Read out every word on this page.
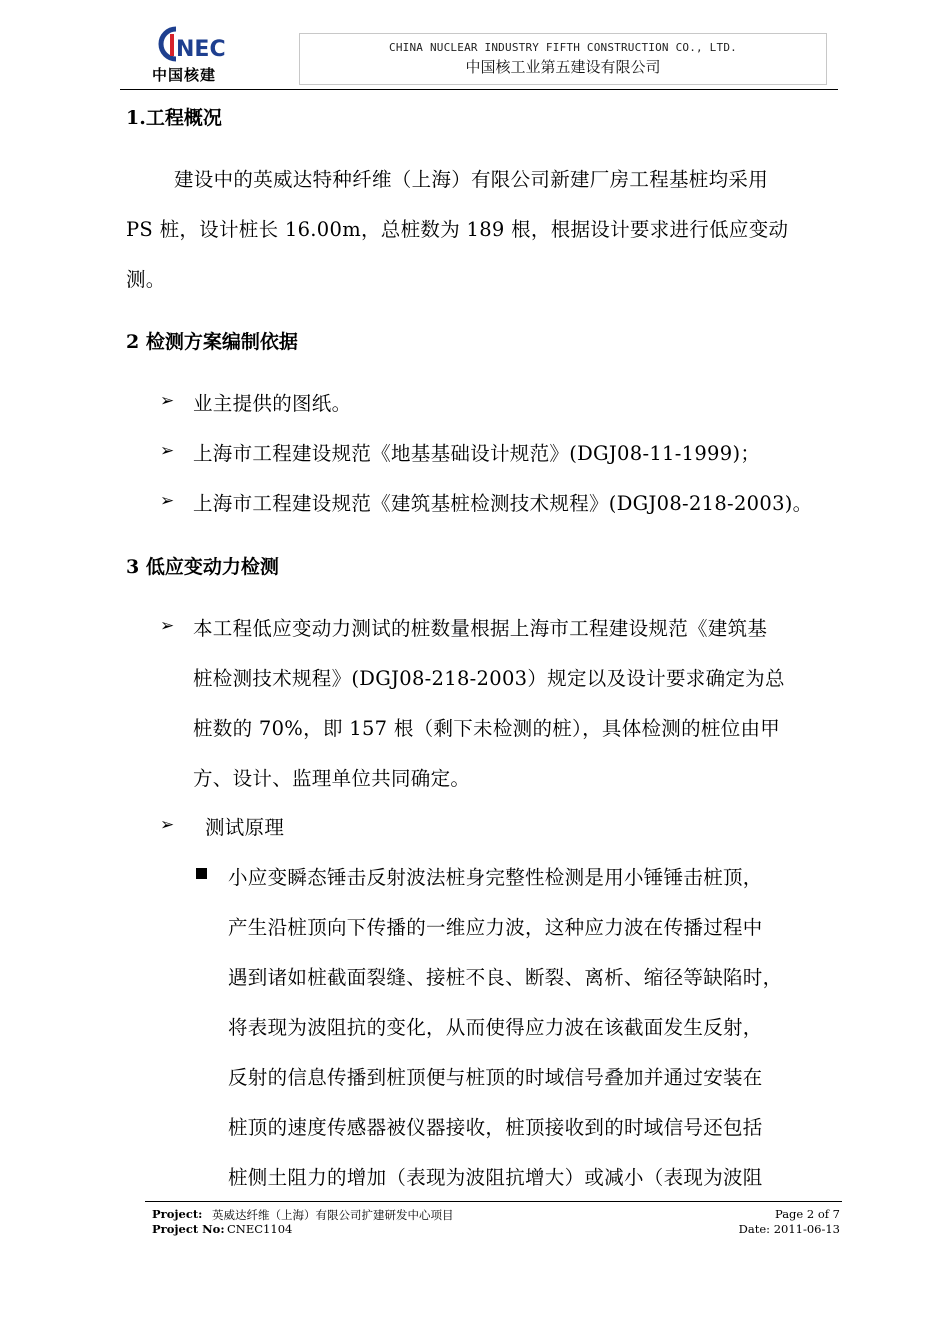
NEC
中国核建
CHINA NUCLEAR INDUSTRY FIFTH CONSTRUCTION CO., LTD.
中国核工业第五建设有限公司
1.工程概况
建设中的英威达特种纤维（上海）有限公司新建厂房工程基桩均采用
PS 桩，设计桩长 16.00m，总桩数为 189 根，根据设计要求进行低应变动
测。
2 检测方案编制依据
➢ 业主提供的图纸。
➢ 上海市工程建设规范《地基基础设计规范》(DGJ08-11-1999)；
➢ 上海市工程建设规范《建筑基桩检测技术规程》(DGJ08-218-2003)。
3 低应变动力检测
➢ 本工程低应变动力测试的桩数量根据上海市工程建设规范《建筑基
桩检测技术规程》(DGJ08-218-2003）规定以及设计要求确定为总
桩数的 70%，即 157 根（剩下未检测的桩），具体检测的桩位由甲
方、设计、监理单位共同确定。
➢ 测试原理
小应变瞬态锤击反射波法桩身完整性检测是用小锤锤击桩顶，
产生沿桩顶向下传播的一维应力波，这种应力波在传播过程中
遇到诸如桩截面裂缝、接桩不良、断裂、离析、缩径等缺陷时，
将表现为波阻抗的变化，从而使得应力波在该截面发生反射，
反射的信息传播到桩顶便与桩顶的时域信号叠加并通过安装在
桩顶的速度传感器被仪器接收，桩顶接收到的时域信号还包括
桩侧土阻力的增加（表现为波阻抗增大）或减小（表现为波阻
Project: 英威达纤维（上海）有限公司扩建研发中心项目
Project No: CNEC1104
Page 2 of 7
Date: 2011-06-13
